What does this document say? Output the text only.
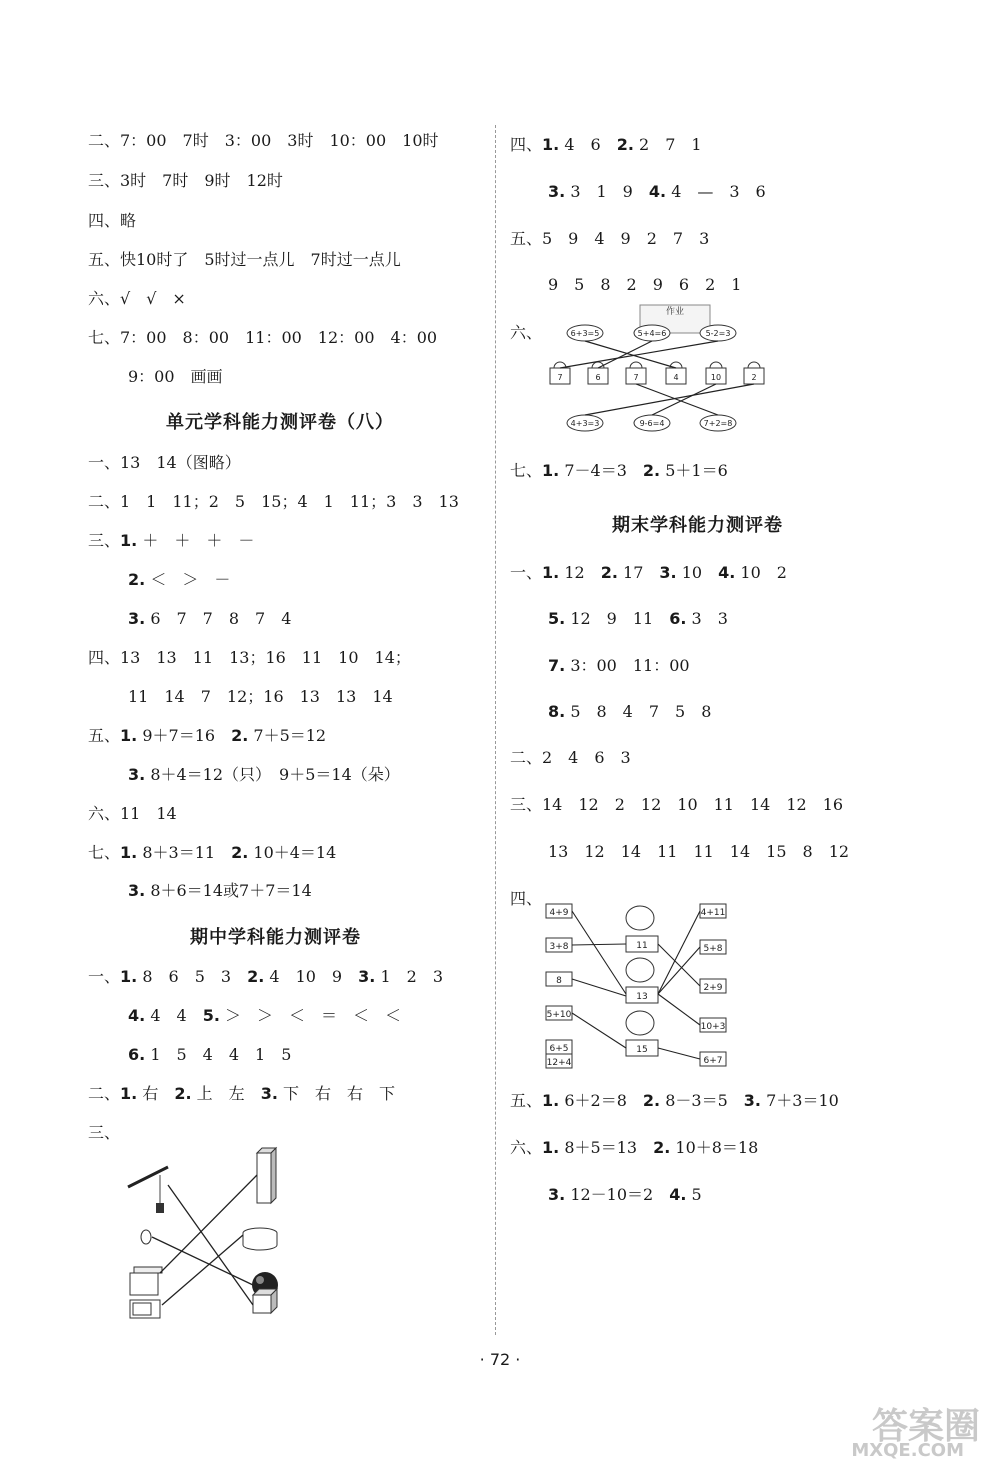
二、7：00　7时　3：00　3时　10：00　10时
三、3时　7时　9时　12时
四、略
五、快10时了　5时过一点儿　7时过一点儿
六、√　√　×
七、7：00　8：00　11：00　12：00　4：00
9：00　画画
单元学科能力测评卷（八）
一、13　14（图略）
二、1　1　11；2　5　15；4　1　11；3　3　13
三、1. ＋　＋　＋　－
2. ＜　＞　－
3. 6　7　7　8　7　4
四、13　13　11　13；16　11　10　14；
11　14　7　12；16　13　13　14
五、1. 9＋7＝16　 2. 7＋5＝12
3. 8＋4＝12（只）　9＋5＝14（朵）
六、11　14
七、1. 8＋3＝11　 2. 10＋4＝14
3. 8＋6＝14或7＋7＝14
期中学科能力测评卷
一、1. 8　6　5　3　 2. 4　10　9　 3. 1　2　3
4. 4　4　 5. ＞　＞　＜　＝　＜　＜
6. 1　5　4　4　1　5
二、1. 右　 2. 上　左　 3. 下　右　右　下
三、
四、1. 4　6　 2. 2　7　1
3. 3　1　9　 4. 4　—　3　6
五、5　9　4　9　2　7　3
9　5　8　2　9　6　2　1
六、
七、1. 7－4＝3　 2. 5＋1＝6
期末学科能力测评卷
一、1. 12　 2. 17　 3. 10　 4. 10　2
5. 12　9　11　 6. 3　3
7. 3：00　11：00
8. 5　8　4　7　5　8
二、2　4　6　3
三、14　12　2　12　10　11　14　12　16
13　12　14　11　11　14　15　8　12
四、
五、1. 6＋2＝8　 2. 8－3＝5　 3. 7＋3＝10
六、1. 8＋5＝13　 2. 10＋8＝18
3. 12－10＝2　 4. 5
作业
6+3=5	5+4=6	5-2=3
7	6	7	4	10	2
4+3=3	9-6=4	7+2=8
4+9
3+8
8
5+10
6+5
12+4
11
13
15
4+11
5+8
2+9
10+3
6+7
· 72 ·
答案圈
MXQE.COM
